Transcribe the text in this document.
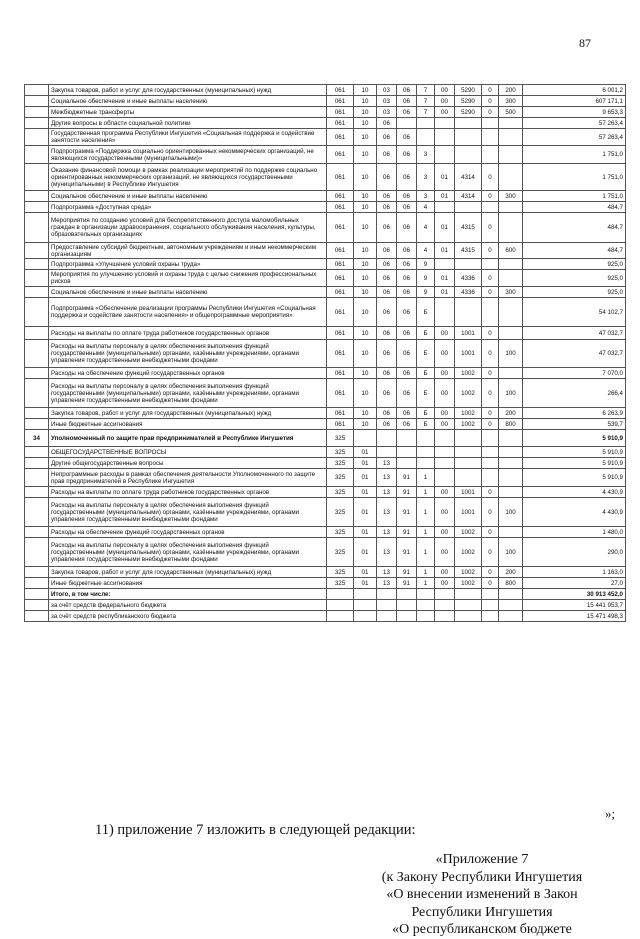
87
	Закупка товаров, работ и услуг для государственных (муниципальных) нужд	061	10	03	06	7	00	5290	0	200	6 001,2
	Социальное обеспечение и иные выплаты населению	061	10	03	06	7	00	5290	0	300	607 171,1
	Межбюджетные трансферты	061	10	03	06	7	00	5290	0	500	9 653,3
	Другие вопросы в области социальной политики	061	10	06							57 263,4
	Государственная программа Республики Ингушетия «Социальная поддержка и содействие занятости населения»	061	10	06	06						57 263,4
	Подпрограмма «Поддержка социально ориентированных некоммерческих организаций, не являющихся государственными (муниципальными)»	061	10	06	06	3					1 751,0
	Оказание финансовой помощи в рамках реализации мероприятий по поддержке социально ориентированных некоммерческих организаций, не являющихся государственными (муниципальными) в Республике Ингушетия	061	10	06	06	3	01	4314	0		1 751,0
	Социальное обеспечение и иные выплаты населению	061	10	06	06	3	01	4314	0	300	1 751,0
	Подпрограмма «Доступная среда»	061	10	06	06	4					484,7
	Мероприятия по созданию условий для беспрепятственного доступа маломобильных граждан в организации здравоохранения, социального обслуживания населения, культуры, образовательных организациях	061	10	06	06	4	01	4315	0		484,7
	Предоставление субсидий бюджетным, автономным учреждениям и иным некоммерческим организациям	061	10	06	06	4	01	4315	0	600	484,7
	Подпрограмма «Улучшение условий охраны труда»	061	10	06	06	9					925,0
	Мероприятия по улучшению условий и охраны труда с целью снижения профессиональных рисков	061	10	06	06	9	01	4336	0		925,0
	Социальное обеспечение и иные выплаты населению	061	10	06	06	9	01	4336	0	300	925,0
	Подпрограмма «Обеспечение реализации программы Республики Ингушетия «Социальная поддержка и содействие занятости населения» и общепрограммные мероприятия»	061	10	06	06	Б					54 102,7
	Расходы на выплаты по оплате труда работников государственных органов	061	10	06	06	Б	00	1001	0		47 032,7
	Расходы на выплаты персоналу в целях обеспечения выполнения функций государственными (муниципальными) органами, казёнными учреждениями, органами управления государственными внебюджетными фондами	061	10	06	06	Б	00	1001	0	100	47 032,7
	Расходы на обеспечение функций государственных органов	061	10	06	06	Б	00	1002	0		7 070,0
	Расходы на выплаты персоналу в целях обеспечения выполнения функций государственными (муниципальными) органами, казёнными учреждениями, органами управления государственными внебюджетными фондами	061	10	06	06	Б	00	1002	0	100	266,4
	Закупка товаров, работ и услуг для государственных (муниципальных) нужд	061	10	06	06	Б	00	1002	0	200	6 263,9
	Иные бюджетные ассигнования	061	10	06	06	Б	00	1002	0	800	539,7
34	Уполномоченный по защите прав предпринимателей в Республике Ингушетия	325									5 910,9
	ОБЩЕГОСУДАРСТВЕННЫЕ ВОПРОСЫ	325	01								5 910,9
	Другие общегосударственные вопросы	325	01	13							5 910,9
	Непрограммные расходы в рамках обеспечения деятельности Уполномоченного по защите прав предпринимателей в Республике Ингушетия	325	01	13	91	1					5 910,9
	Расходы на выплаты по оплате труда работников государственных органов	325	01	13	91	1	00	1001	0		4 430,9
	Расходы на выплаты персоналу в целях обеспечения выполнения функций государственными (муниципальными) органами, казёнными учреждениями, органами управления государственными внебюджетными фондами	325	01	13	91	1	00	1001	0	100	4 430,9
	Расходы на обеспечение функций государственных органов	325	01	13	91	1	00	1002	0		1 480,0
	Расходы на выплаты персоналу в целях обеспечения выполнения функций государственными (муниципальными) органами, казёнными учреждениями, органами управления государственными внебюджетными фондами	325	01	13	91	1	00	1002	0	100	290,0
	Закупка товаров, работ и услуг для государственных (муниципальных) нужд	325	01	13	91	1	00	1002	0	200	1 163,0
	Иные бюджетные ассигнования	325	01	13	91	1	00	1002	0	800	27,0
	Итого, в том числе:										30 913 452,0
	за счёт средств федерального бюджета										15 441 953,7
	за счёт средств республиканского бюджета										15 471 498,3
»;
11) приложение 7 изложить в следующей редакции:
«Приложение 7
(к Закону Республики Ингушетия
«О внесении изменений в Закон
Республики Ингушетия
«О республиканском бюджете
